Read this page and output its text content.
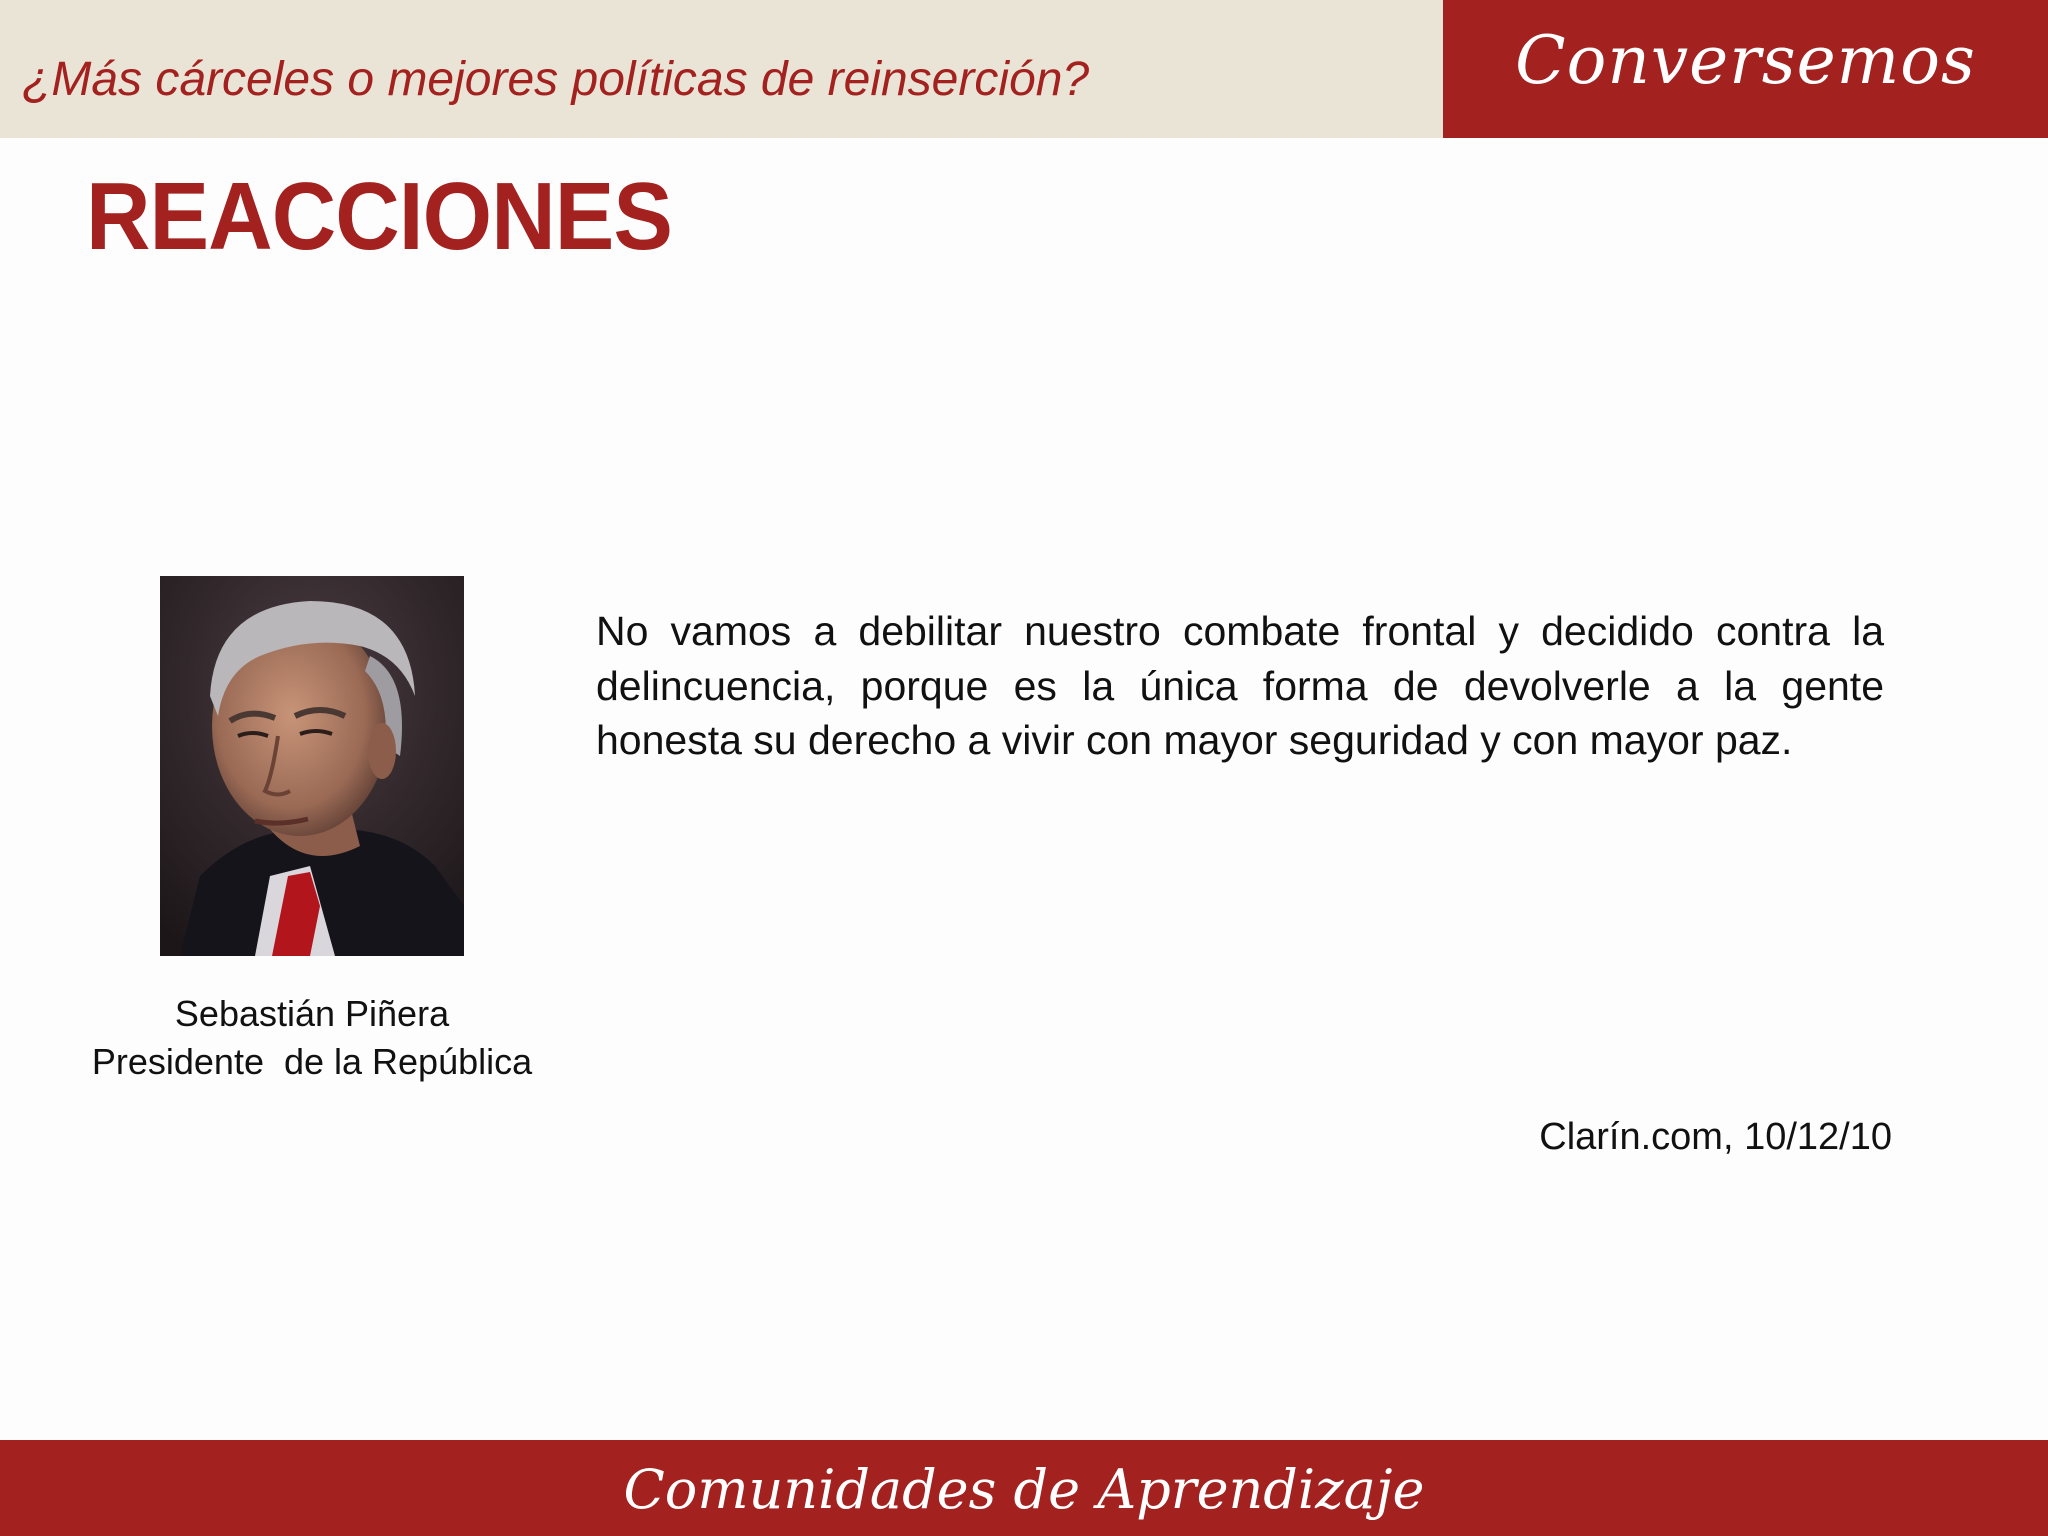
¿Más cárceles o mejores políticas de reinserción?	Conversemos
REACCIONES
Sebastián Piñera
Presidente  de la República
No vamos a debilitar nuestro combate frontal y decidido contra la delincuencia, porque es la única forma de devolverle a la gente honesta su derecho a vivir con mayor seguridad y con mayor paz.
Clarín.com, 10/12/10
Comunidades de Aprendizaje
